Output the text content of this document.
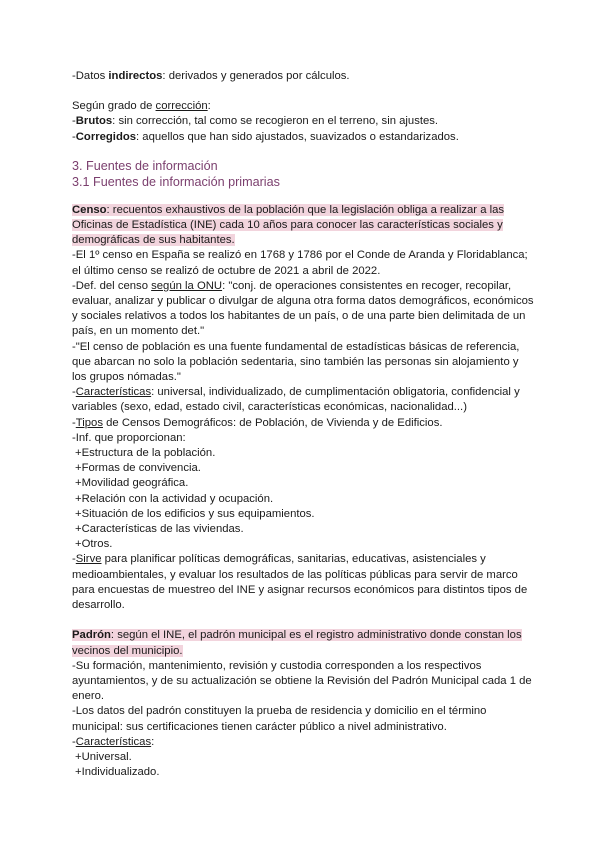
-Datos indirectos: derivados y generados por cálculos.

Según grado de corrección:

-Brutos: sin corrección, tal como se recogieron en el terreno, sin ajustes.

-Corregidos: aquellos que han sido ajustados, suavizados o estandarizados.

3. Fuentes de información

3.1 Fuentes de información primarias

Censo: recuentos exhaustivos de la población que la legislación obliga a realizar a las Oficinas de Estadística (INE) cada 10 años para conocer las características sociales y demográficas de sus habitantes.

-El 1º censo en España se realizó en 1768 y 1786 por el Conde de Aranda y Floridablanca; el último censo se realizó de octubre de 2021 a abril de 2022.

-Def. del censo según la ONU: "conj. de operaciones consistentes en recoger, recopilar, evaluar, analizar y publicar o divulgar de alguna otra forma datos demográficos, económicos y sociales relativos a todos los habitantes de un país, o de una parte bien delimitada de un país, en un momento det."

-"El censo de población es una fuente fundamental de estadísticas básicas de referencia, que abarcan no solo la población sedentaria, sino también las personas sin alojamiento y los grupos nómadas."

-Características: universal, individualizado, de cumplimentación obligatoria, confidencial y variables (sexo, edad, estado civil, características económicas, nacionalidad...)

-Tipos de Censos Demográficos: de Población, de Vivienda y de Edificios.

-Inf. que proporcionan:

+Estructura de la población.

+Formas de convivencia.

+Movilidad geográfica.

+Relación con la actividad y ocupación.

+Situación de los edificios y sus equipamientos.

+Características de las viviendas.

+Otros.

-Sirve para planificar políticas demográficas, sanitarias, educativas, asistenciales y medioambientales, y evaluar los resultados de las políticas públicas para servir de marco para encuestas de muestreo del INE y asignar recursos económicos para distintos tipos de desarrollo.

Padrón: según el INE, el padrón municipal es el registro administrativo donde constan los vecinos del municipio.

-Su formación, mantenimiento, revisión y custodia corresponden a los respectivos ayuntamientos, y de su actualización se obtiene la Revisión del Padrón Municipal cada 1 de enero.

-Los datos del padrón constituyen la prueba de residencia y domicilio en el término municipal: sus certificaciones tienen carácter público a nivel administrativo.

-Características:

+Universal.

+Individualizado.
